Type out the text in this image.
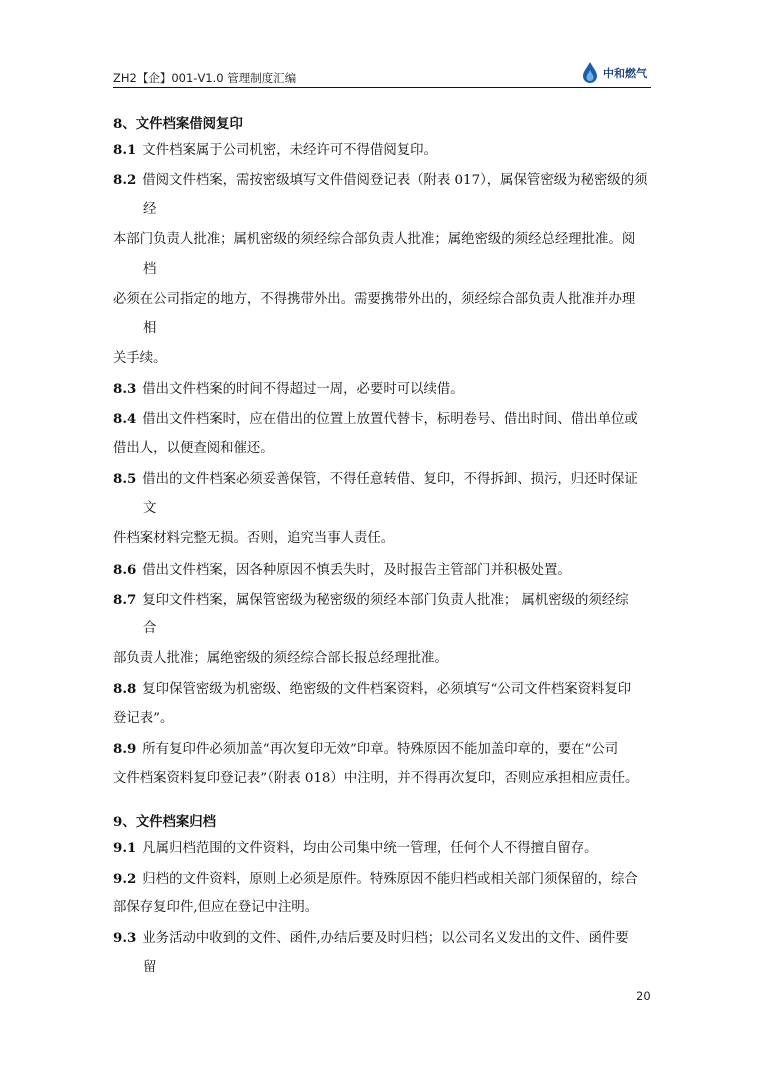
ZH2【企】001-V1.0 管理制度汇编	中和燃气
8、文件档案借阅复印
8.1 文件档案属于公司机密，未经许可不得借阅复印。
8.2 借阅文件档案，需按密级填写文件借阅登记表（附表 017），属保管密级为秘密级的须
经
本部门负责人批准；属机密级的须经综合部负责人批准；属绝密级的须经总经理批准。阅
档
必须在公司指定的地方，不得携带外出。需要携带外出的，须经综合部负责人批准并办理
相
关手续。
8.3 借出文件档案的时间不得超过一周，必要时可以续借。
8.4 借出文件档案时，应在借出的位置上放置代替卡，标明卷号、借出时间、借出单位或
借出人，以便查阅和催还。
8.5 借出的文件档案必须妥善保管，不得任意转借、复印，不得拆卸、损污，归还时保证
文
件档案材料完整无损。否则，追究当事人责任。
8.6 借出文件档案，因各种原因不慎丢失时，及时报告主管部门并积极处置。
8.7 复印文件档案，属保管密级为秘密级的须经本部门负责人批准； 属机密级的须经综
合
部负责人批准；属绝密级的须经综合部长报总经理批准。
8.8 复印保管密级为机密级、绝密级的文件档案资料，必须填写“公司文件档案资料复印
登记表”。
8.9 所有复印件必须加盖“再次复印无效”印章。特殊原因不能加盖印章的，要在“公司
文件档案资料复印登记表”（附表 018）中注明，并不得再次复印，否则应承担相应责任。
9、文件档案归档
9.1 凡属归档范围的文件资料，均由公司集中统一管理，任何个人不得擅自留存。
9.2 归档的文件资料，原则上必须是原件。特殊原因不能归档或相关部门须保留的，综合
部保存复印件,但应在登记中注明。
9.3 业务活动中收到的文件、函件,办结后要及时归档；以公司名义发出的文件、函件要
留
20
